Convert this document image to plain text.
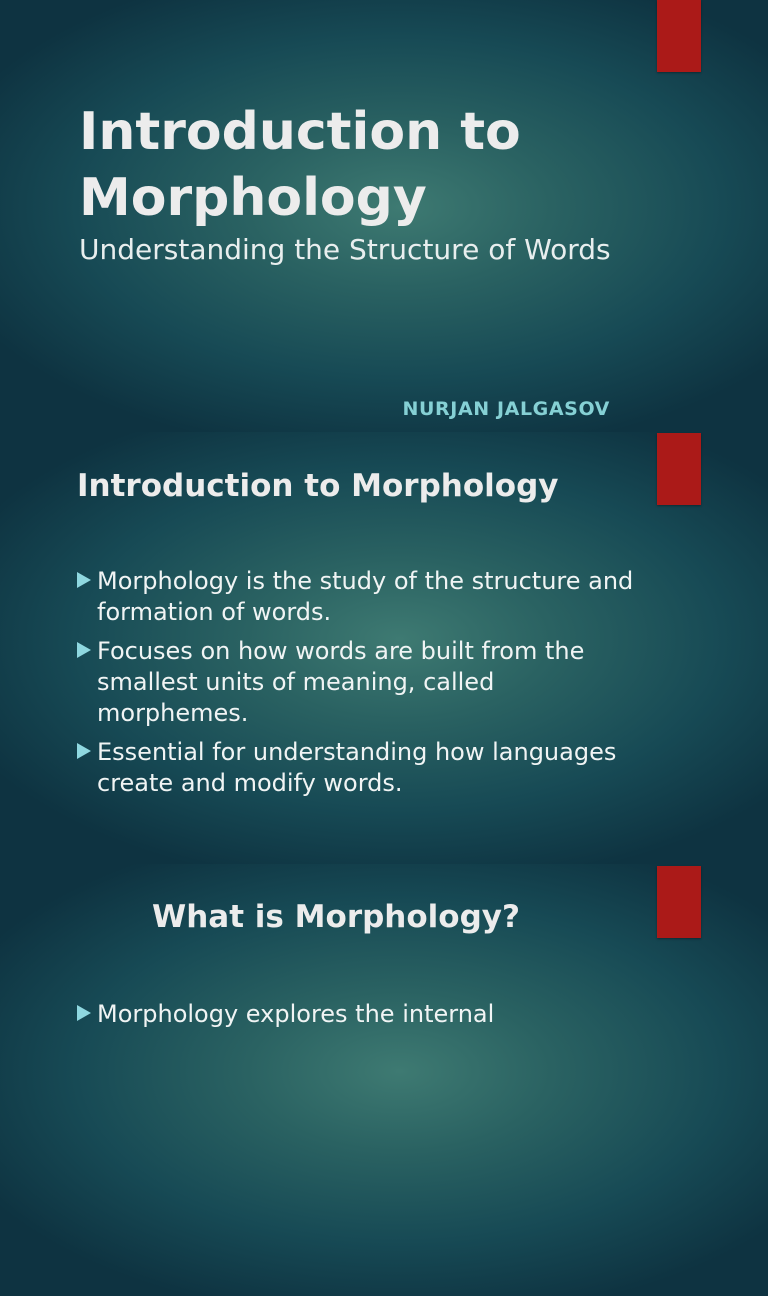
Introduction to Morphology

Understanding the Structure of Words

NURJAN JALGASOV
Introduction to Morphology
Morphology is the study of the structure and formation of words.
Focuses on how words are built from the smallest units of meaning, called morphemes.
Essential for understanding how languages create and modify words.
What is Morphology?
Morphology explores the internal
